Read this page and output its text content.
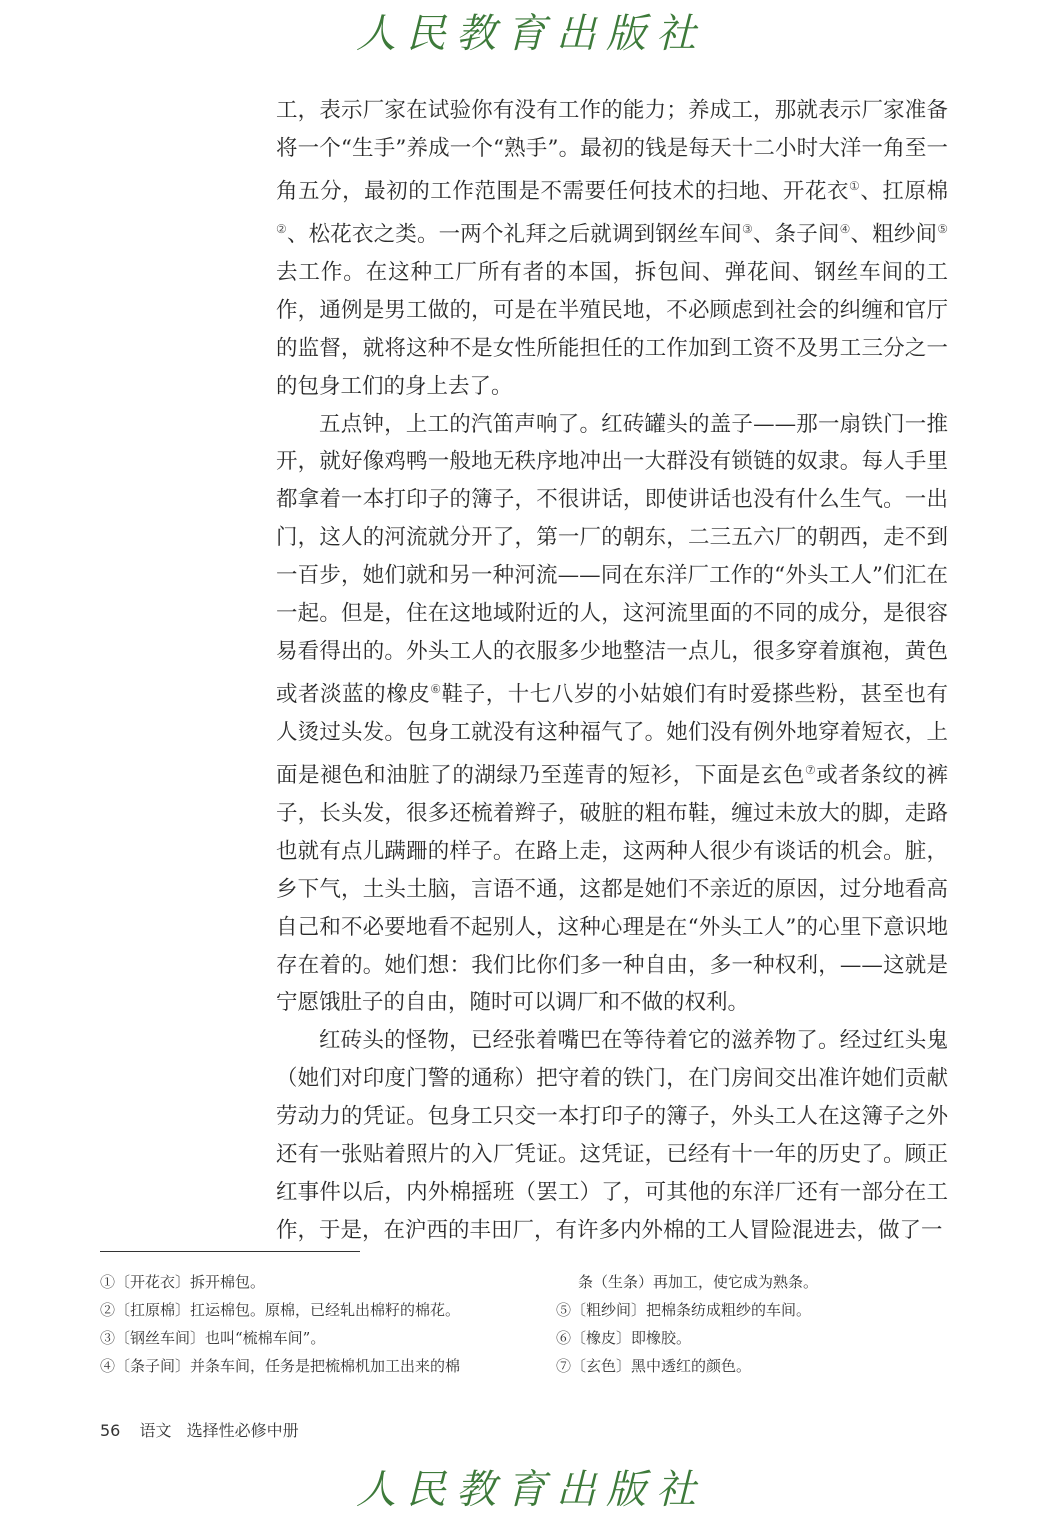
人民教育出版社

工，表示厂家在试验你有没有工作的能力；养成工，那就表示厂家准备将一个“生手”养成一个“熟手”。最初的钱是每天十二小时大洋一角至一角五分，最初的工作范围是不需要任何技术的扫地、开花衣①、扛原棉②、松花衣之类。一两个礼拜之后就调到钢丝车间③、条子间④、粗纱间⑤去工作。在这种工厂所有者的本国，拆包间、弹花间、钢丝车间的工作，通例是男工做的，可是在半殖民地，不必顾虑到社会的纠缠和官厅的监督，就将这种不是女性所能担任的工作加到工资不及男工三分之一的包身工们的身上去了。

五点钟，上工的汽笛声响了。红砖罐头的盖子——那一扇铁门一推开，就好像鸡鸭一般地无秩序地冲出一大群没有锁链的奴隶。每人手里都拿着一本打印子的簿子，不很讲话，即使讲话也没有什么生气。一出门，这人的河流就分开了，第一厂的朝东，二三五六厂的朝西，走不到一百步，她们就和另一种河流——同在东洋厂工作的“外头工人”们汇在一起。但是，住在这地域附近的人，这河流里面的不同的成分，是很容易看得出的。外头工人的衣服多少地整洁一点儿，很多穿着旗袍，黄色或者淡蓝的橡皮⑥鞋子，十七八岁的小姑娘们有时爱搽些粉，甚至也有人烫过头发。包身工就没有这种福气了。她们没有例外地穿着短衣，上面是褪色和油脏了的湖绿乃至莲青的短衫，下面是玄色⑦或者条纹的裤子，长头发，很多还梳着辫子，破脏的粗布鞋，缠过未放大的脚，走路也就有点儿蹒跚的样子。在路上走，这两种人很少有谈话的机会。脏，乡下气，土头土脑，言语不通，这都是她们不亲近的原因，过分地看高自己和不必要地看不起别人，这种心理是在“外头工人”的心里下意识地存在着的。她们想：我们比你们多一种自由，多一种权利，——这就是宁愿饿肚子的自由，随时可以调厂和不做的权利。

红砖头的怪物，已经张着嘴巴在等待着它的滋养物了。经过红头鬼（她们对印度门警的通称）把守着的铁门，在门房间交出准许她们贡献劳动力的凭证。包身工只交一本打印子的簿子，外头工人在这簿子之外还有一张贴着照片的入厂凭证。这凭证，已经有十一年的历史了。顾正红事件以后，内外棉摇班（罢工）了，可其他的东洋厂还有一部分在工作，于是，在沪西的丰田厂，有许多内外棉的工人冒险混进去，做了一

①〔开花衣〕拆开棉包。
②〔扛原棉〕扛运棉包。原棉，已经轧出棉籽的棉花。
③〔钢丝车间〕也叫“梳棉车间”。
④〔条子间〕并条车间，任务是把梳棉机加工出来的棉
条（生条）再加工，使它成为熟条。
⑤〔粗纱间〕把棉条纺成粗纱的车间。
⑥〔橡皮〕即橡胶。
⑦〔玄色〕黑中透红的颜色。
56 语文 选择性必修中册
人民教育出版社
